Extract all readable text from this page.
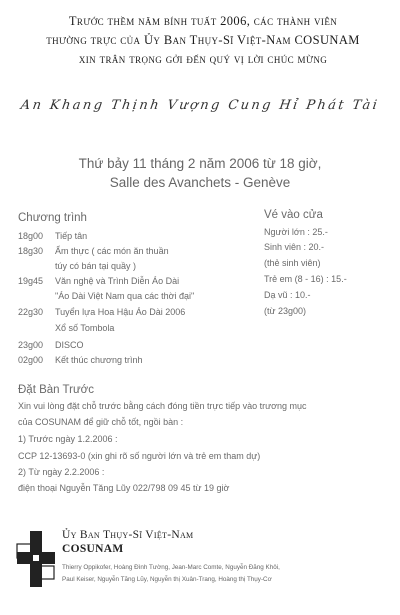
Trước thềm năm bính tuất 2006, các thành viên
thường trực của Ủy Ban Thụy-Sĩ Việt-Nam COSUNAM
xin trân trọng gởi đến quý vị lời chúc mừng
An Khang Thịnh Vượng Cung Hỉ Phát Tài
Thứ bảy 11 tháng 2 năm 2006 từ 18 giờ,
Salle des Avanchets - Genève
Chương trình
18g00 Tiếp tân
18g30 Ẩm thực ( các món ăn thuần
túy có bán tại quầy )
19g45 Văn nghệ và Trình Diễn Áo Dài
"Áo Dài Việt Nam qua các thời đại"
22g30 Tuyển lựa Hoa Hậu Áo Dài 2006
Xổ số Tombola
23g00 DISCO
02g00 Kết thúc chương trình
Vé vào cửa
Người lớn : 25.-
Sinh viên : 20.-
(thẻ sinh viên)
Trẻ em (8 - 16) : 15.-
Dạ vũ : 10.-
(từ 23g00)
Đặt Bàn Trước
Xin vui lòng đặt chỗ trước bằng cách đóng tiền trực tiếp vào trương mục
của COSUNAM để giữ chỗ tốt, ngồi bàn :
1) Trước ngày 1.2.2006 :
CCP 12-13693-0 (xin ghi rõ số người lớn và trẻ em tham dự)
2) Từ ngày 2.2.2006 :
điện thoại Nguyễn Tăng Lũy 022/798 09 45 từ 19 giờ
Ủy Ban Thụy-Sĩ Việt-Nam
COSUNAM
Thierry Oppikofer, Hoàng Đình Tường, Jean-Marc Comte, Nguyễn Đăng Khôi,
Paul Keiser, Nguyễn Tăng Lũy, Nguyễn thị Xuân-Trang, Hoàng thị Thụy-Cơ
